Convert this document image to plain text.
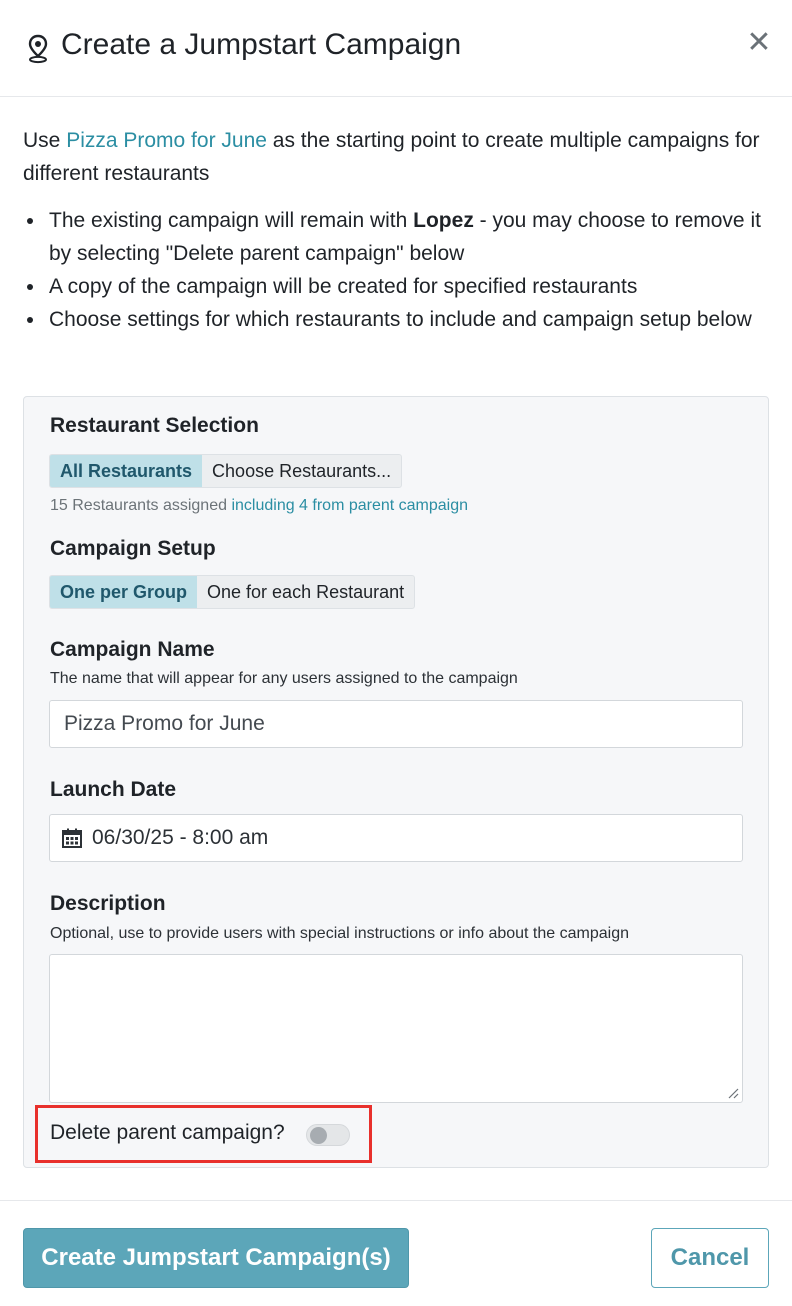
Create a Jumpstart Campaign	✕
Use Pizza Promo for June as the starting point to create multiple campaigns for different restaurants
The existing campaign will remain with Lopez - you may choose to remove it by selecting "Delete parent campaign" below
A copy of the campaign will be created for specified restaurants
Choose settings for which restaurants to include and campaign setup below
Restaurant Selection
All Restaurants	Choose Restaurants...
15 Restaurants assigned including 4 from parent campaign
Campaign Setup
One per Group	One for each Restaurant
Campaign Name
The name that will appear for any users assigned to the campaign
Pizza Promo for June
Launch Date
06/30/25 - 8:00 am
Description
Optional, use to provide users with special instructions or info about the campaign
Delete parent campaign?
Create Jumpstart Campaign(s)	Cancel
